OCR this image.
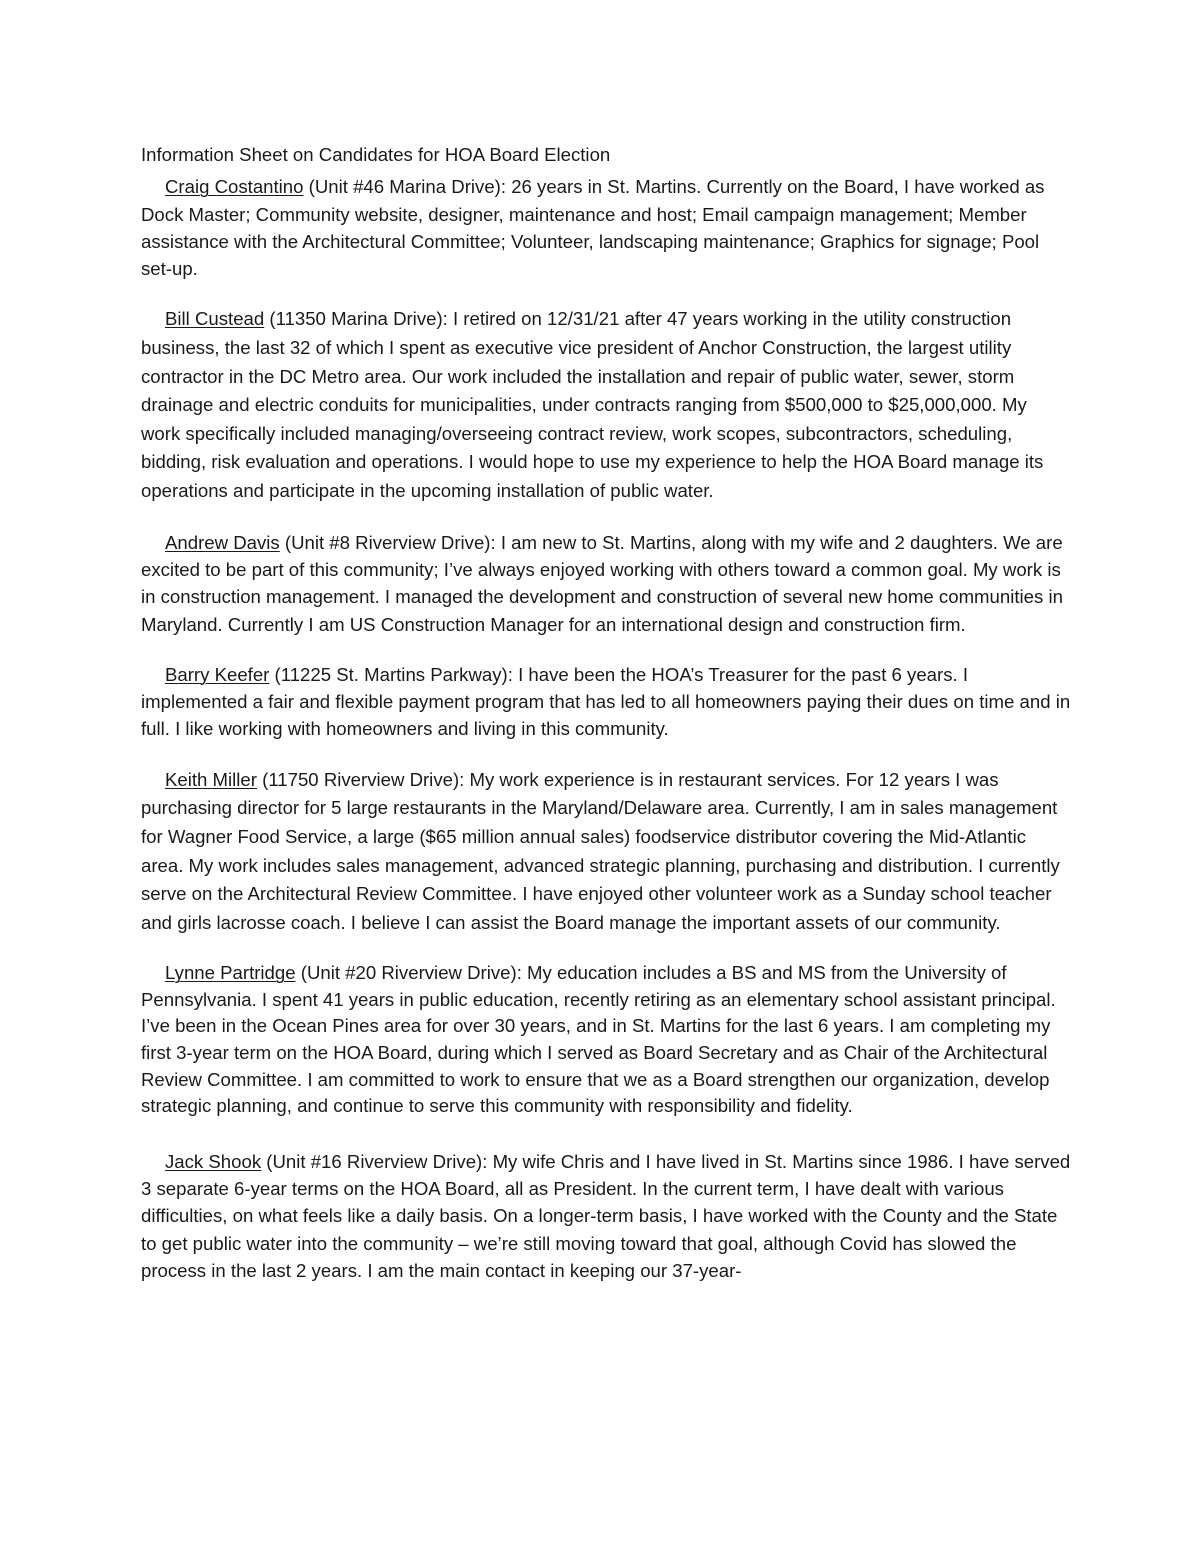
Information Sheet on Candidates for HOA Board Election

Craig Costantino (Unit #46 Marina Drive): 26 years in St. Martins. Currently on the Board, I have worked as Dock Master; Community website, designer, maintenance and host; Email campaign management; Member assistance with the Architectural Committee; Volunteer, landscaping maintenance; Graphics for signage; Pool set-up.

Bill Custead (11350 Marina Drive): I retired on 12/31/21 after 47 years working in the utility construction business, the last 32 of which I spent as executive vice president of Anchor Construction, the largest utility contractor in the DC Metro area. Our work included the installation and repair of public water, sewer, storm drainage and electric conduits for municipalities, under contracts ranging from $500,000 to $25,000,000. My work specifically included managing/overseeing contract review, work scopes, subcontractors, scheduling, bidding, risk evaluation and operations. I would hope to use my experience to help the HOA Board manage its operations and participate in the upcoming installation of public water.

Andrew Davis (Unit #8 Riverview Drive): I am new to St. Martins, along with my wife and 2 daughters. We are excited to be part of this community; I’ve always enjoyed working with others toward a common goal. My work is in construction management. I managed the development and construction of several new home communities in Maryland. Currently I am US Construction Manager for an international design and construction firm.

Barry Keefer (11225 St. Martins Parkway): I have been the HOA’s Treasurer for the past 6 years. I implemented a fair and flexible payment program that has led to all homeowners paying their dues on time and in full. I like working with homeowners and living in this community.

Keith Miller (11750 Riverview Drive): My work experience is in restaurant services. For 12 years I was purchasing director for 5 large restaurants in the Maryland/Delaware area. Currently, I am in sales management for Wagner Food Service, a large ($65 million annual sales) foodservice distributor covering the Mid-Atlantic area. My work includes sales management, advanced strategic planning, purchasing and distribution. I currently serve on the Architectural Review Committee. I have enjoyed other volunteer work as a Sunday school teacher and girls lacrosse coach. I believe I can assist the Board manage the important assets of our community.

Lynne Partridge (Unit #20 Riverview Drive): My education includes a BS and MS from the University of Pennsylvania. I spent 41 years in public education, recently retiring as an elementary school assistant principal. I’ve been in the Ocean Pines area for over 30 years, and in St. Martins for the last 6 years. I am completing my first 3-year term on the HOA Board, during which I served as Board Secretary and as Chair of the Architectural Review Committee. I am committed to work to ensure that we as a Board strengthen our organization, develop strategic planning, and continue to serve this community with responsibility and fidelity.

Jack Shook (Unit #16 Riverview Drive): My wife Chris and I have lived in St. Martins since 1986. I have served 3 separate 6-year terms on the HOA Board, all as President. In the current term, I have dealt with various difficulties, on what feels like a daily basis. On a longer-term basis, I have worked with the County and the State to get public water into the community – we’re still moving toward that goal, although Covid has slowed the process in the last 2 years. I am the main contact in keeping our 37-year-
